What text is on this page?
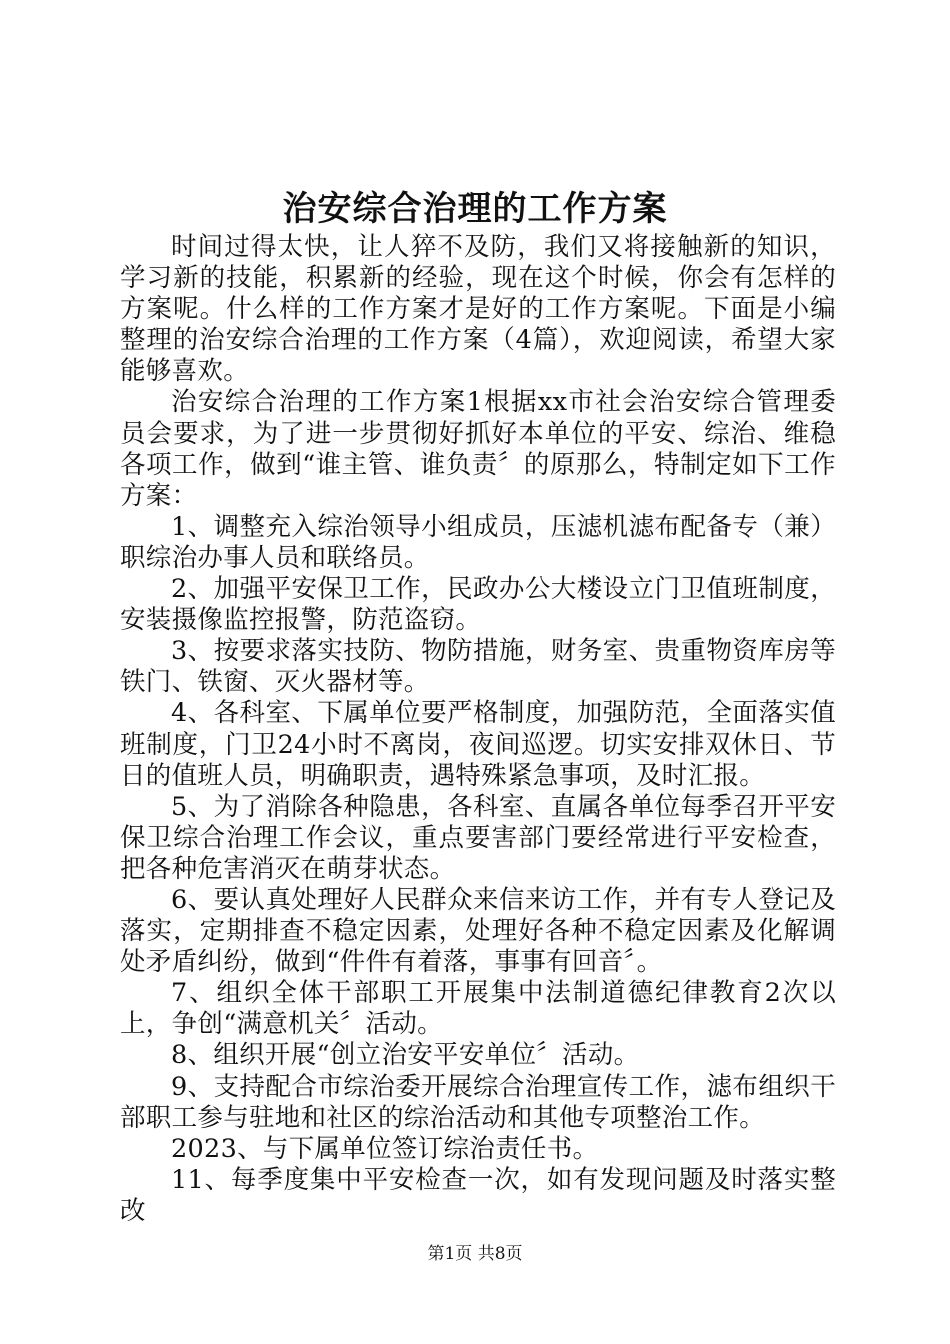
治安综合治理的工作方案

时间过得太快，让人猝不及防，我们又将接触新的知识，学习新的技能，积累新的经验，现在这个时候，你会有怎样的方案呢。什么样的工作方案才是好的工作方案呢。下面是小编整理的治安综合治理的工作方案（4篇），欢迎阅读，希望大家能够喜欢。

治安综合治理的工作方案1根据xx市社会治安综合管理委员会要求，为了进一步贯彻好抓好本单位的平安、综治、维稳各项工作，做到“谁主管、谁负责〞的原那么，特制定如下工作方案：

1、调整充入综治领导小组成员，压滤机滤布配备专（兼）职综治办事人员和联络员。

2、加强平安保卫工作，民政办公大楼设立门卫值班制度，安装摄像监控报警，防范盗窃。

3、按要求落实技防、物防措施，财务室、贵重物资库房等铁门、铁窗、灭火器材等。

4、各科室、下属单位要严格制度，加强防范，全面落实值班制度，门卫24小时不离岗，夜间巡逻。切实安排双休日、节日的值班人员，明确职责，遇特殊紧急事项，及时汇报。

5、为了消除各种隐患，各科室、直属各单位每季召开平安保卫综合治理工作会议，重点要害部门要经常进行平安检查，把各种危害消灭在萌芽状态。

6、要认真处理好人民群众来信来访工作，并有专人登记及落实，定期排查不稳定因素，处理好各种不稳定因素及化解调处矛盾纠纷，做到“件件有着落，事事有回音〞。

7、组织全体干部职工开展集中法制道德纪律教育2次以上，争创“满意机关〞活动。

8、组织开展“创立治安平安单位〞活动。

9、支持配合市综治委开展综合治理宣传工作，滤布组织干部职工参与驻地和社区的综治活动和其他专项整治工作。

2023、与下属单位签订综治责任书。

11、每季度集中平安检查一次，如有发现问题及时落实整改

第1页 共8页
